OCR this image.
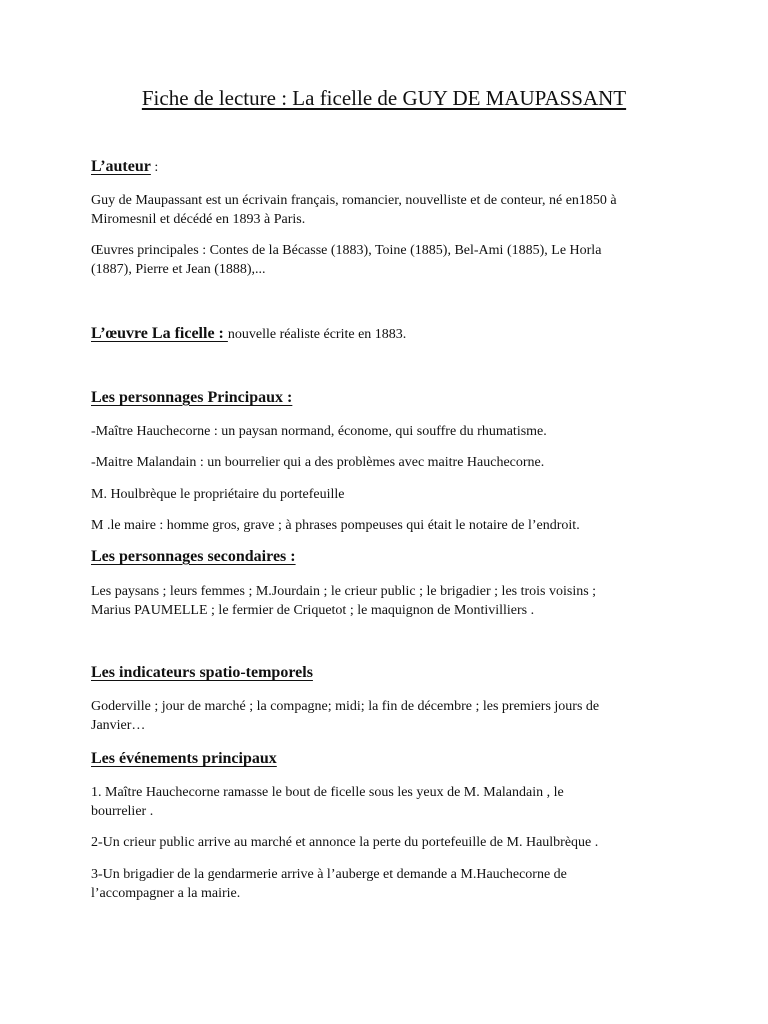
Fiche de lecture : La ficelle de GUY DE MAUPASSANT
L’auteur :
Guy de Maupassant est un écrivain français, romancier, nouvelliste et de conteur, né en1850 à
Miromesnil et décédé en 1893 à Paris.
Œuvres principales : Contes de la Bécasse (1883), Toine (1885), Bel-Ami (1885), Le Horla
(1887), Pierre et Jean (1888),...
L’œuvre La ficelle : nouvelle réaliste écrite en 1883.
Les personnages Principaux :
-Maître Hauchecorne : un paysan normand, économe, qui souffre du rhumatisme.
-Maitre Malandain : un bourrelier qui a des problèmes avec maitre Hauchecorne.
M. Houlbrèque le propriétaire du portefeuille
M .le maire : homme gros, grave ; à phrases pompeuses qui était le notaire de l’endroit.
Les personnages secondaires :
Les paysans ; leurs femmes ; M.Jourdain ; le crieur public ; le brigadier ; les trois voisins ;
Marius PAUMELLE ; le fermier de Criquetot ; le maquignon de Montivilliers .
Les indicateurs spatio-temporels
Goderville ; jour de marché ; la compagne; midi; la fin de décembre ; les premiers jours de
Janvier…
Les événements principaux
1. Maître Hauchecorne ramasse le bout de ficelle sous les yeux de M. Malandain , le
bourrelier .
2-Un crieur public arrive au marché et annonce la perte du portefeuille de M. Haulbrèque .
3-Un brigadier de la gendarmerie arrive à l’auberge et demande a M.Hauchecorne de
l’accompagner a la mairie.
